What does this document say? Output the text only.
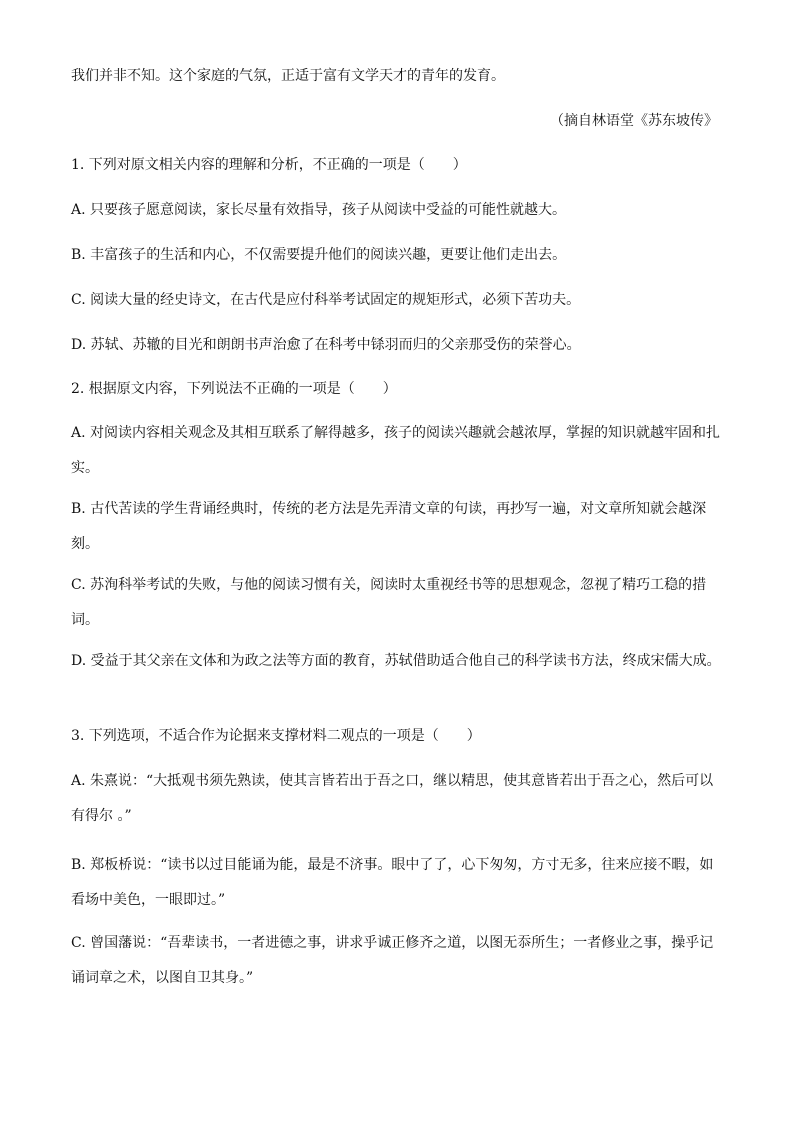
我们并非不知。这个家庭的气氛，正适于富有文学天才的青年的发育。
（摘自林语堂《苏东坡传》
1. 下列对原文相关内容的理解和分析，不正确的一项是（　　）
A. 只要孩子愿意阅读，家长尽量有效指导，孩子从阅读中受益的可能性就越大。
B. 丰富孩子的生活和内心，不仅需要提升他们的阅读兴趣，更要让他们走出去。
C. 阅读大量的经史诗文，在古代是应付科举考试固定的规矩形式，必须下苦功夫。
D. 苏轼、苏辙的目光和朗朗书声治愈了在科考中铩羽而归的父亲那受伤的荣誉心。
2. 根据原文内容，下列说法不正确的一项是（　　）
A. 对阅读内容相关观念及其相互联系了解得越多，孩子的阅读兴趣就会越浓厚，掌握的知识就越牢固和扎实。
B. 古代苦读的学生背诵经典时，传统的老方法是先弄清文章的句读，再抄写一遍，对文章所知就会越深刻。
C. 苏洵科举考试的失败，与他的阅读习惯有关，阅读时太重视经书等的思想观念，忽视了精巧工稳的措词。
D. 受益于其父亲在文体和为政之法等方面的教育，苏轼借助适合他自己的科学读书方法，终成宋儒大成。
3. 下列选项，不适合作为论据来支撑材料二观点的一项是（　　）
A. 朱熹说：“大抵观书须先熟读，使其言皆若出于吾之口，继以精思，使其意皆若出于吾之心，然后可以有得尔 。”
B. 郑板桥说：“读书以过目能诵为能，最是不济事。眼中了了，心下匆匆，方寸无多，往来应接不暇，如看场中美色，一眼即过。”
C. 曾国藩说：“吾辈读书，一者进德之事，讲求乎诚正修齐之道，以图无忝所生；一者修业之事，操乎记诵词章之术，以图自卫其身。”
